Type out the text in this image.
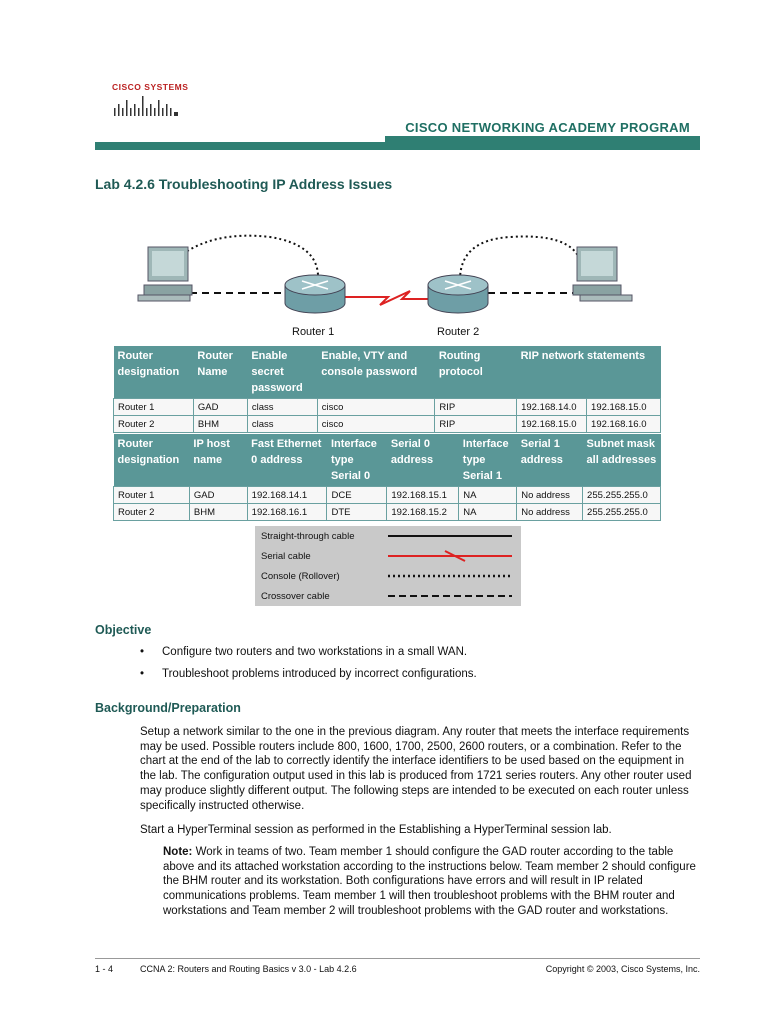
CISCO SYSTEMS
CISCO NETWORKING ACADEMY PROGRAM
Lab 4.2.6 Troubleshooting IP Address Issues
Router 1	Router 2
Router designation	Router Name	Enable secret password	Enable, VTY and console password	Routing protocol	RIP network statements	
Router 1	GAD	class	cisco	RIP	192.168.14.0	192.168.15.0
Router 2	BHM	class	cisco	RIP	192.168.15.0	192.168.16.0
Router designation	IP host name	Fast Ethernet 0 address	Interface type Serial 0	Serial 0 address	Interface type Serial 1	Serial 1 address	Subnet mask all addresses
Router 1	GAD	192.168.14.1	DCE	192.168.15.1	NA	No address	255.255.255.0
Router 2	BHM	192.168.16.1	DTE	192.168.15.2	NA	No address	255.255.255.0
Straight-through cable
Serial cable
Console (Rollover)
Crossover cable
Objective
• Configure two routers and two workstations in a small WAN.
• Troubleshoot problems introduced by incorrect configurations.
Background/Preparation
Setup a network similar to the one in the previous diagram. Any router that meets the interface requirements may be used. Possible routers include 800, 1600, 1700, 2500, 2600 routers, or a combination. Refer to the chart at the end of the lab to correctly identify the interface identifiers to be used based on the equipment in the lab. The configuration output used in this lab is produced from 1721 series routers. Any other router used may produce slightly different output. The following steps are intended to be executed on each router unless specifically instructed otherwise.
Start a HyperTerminal session as performed in the Establishing a HyperTerminal session lab.
Note: Work in teams of two. Team member 1 should configure the GAD router according to the table above and its attached workstation according to the instructions below. Team member 2 should configure the BHM router and its workstation. Both configurations have errors and will result in IP related communications problems. Team member 1 will then troubleshoot problems with the BHM router and workstations and Team member 2 will troubleshoot problems with the GAD router and workstations.
1 - 4	CCNA 2: Routers and Routing Basics v 3.0 - Lab 4.2.6	Copyright © 2003, Cisco Systems, Inc.
